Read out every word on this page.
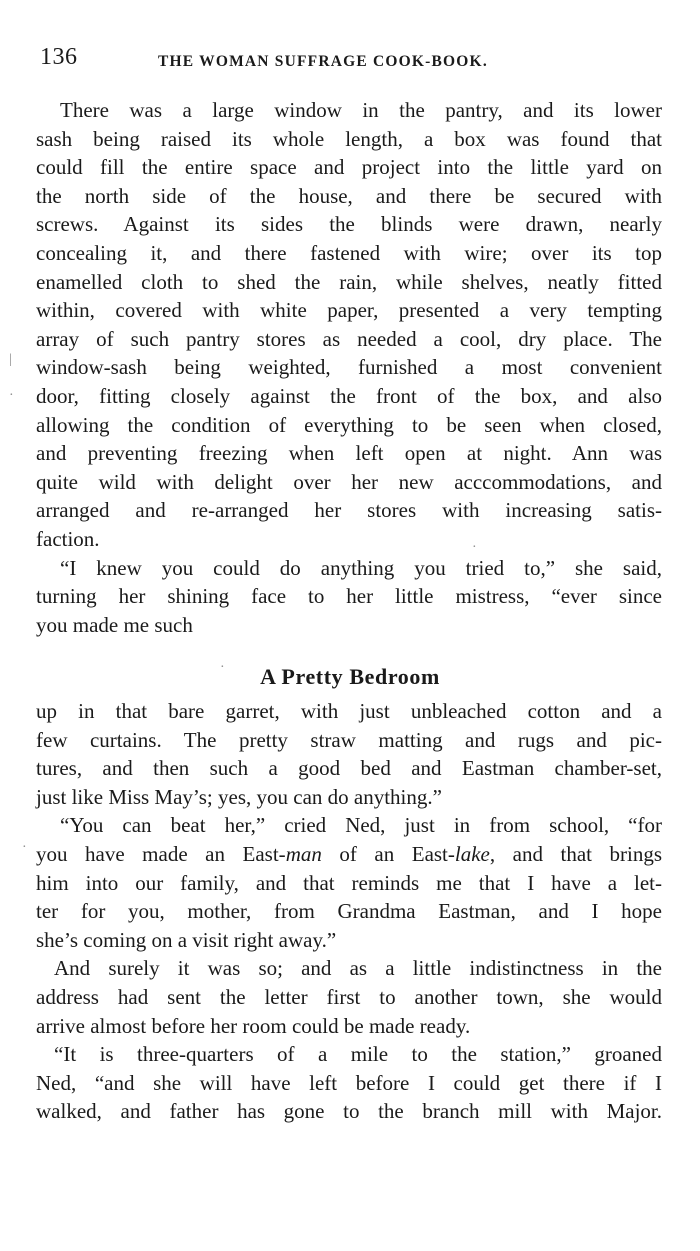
136	THE WOMAN SUFFRAGE COOK-BOOK.
There was a large window in the pantry, and its lower
sash being raised its whole length, a box was found that
could fill the entire space and project into the little yard on
the north side of the house, and there be secured with
screws. Against its sides the blinds were drawn, nearly
concealing it, and there fastened with wire; over its top
enamelled cloth to shed the rain, while shelves, neatly fitted
within, covered with white paper, presented a very tempting
array of such pantry stores as needed a cool, dry place. The
window-sash being weighted, furnished a most convenient
door, fitting closely against the front of the box, and also
allowing the condition of everything to be seen when closed,
and preventing freezing when left open at night. Ann was
quite wild with delight over her new acccommodations, and
arranged and re-arranged her stores with increasing satis-
faction.
“I knew you could do anything you tried to,” she said,
turning her shining face to her little mistress, “ever since
you made me such
A Pretty Bedroom
up in that bare garret, with just unbleached cotton and a
few curtains. The pretty straw matting and rugs and pic-
tures, and then such a good bed and Eastman chamber-set,
just like Miss May’s; yes, you can do anything.”
“You can beat her,” cried Ned, just in from school, “for
you have made an East-man of an East-lake, and that brings
him into our family, and that reminds me that I have a let-
ter for you, mother, from Grandma Eastman, and I hope
she’s coming on a visit right away.”
And surely it was so; and as a little indistinctness in the
address had sent the letter first to another town, she would
arrive almost before her room could be made ready.
“It is three-quarters of a mile to the station,” groaned
Ned, “and she will have left before I could get there if I
walked, and father has gone to the branch mill with Major.
|
·
·
·
·
